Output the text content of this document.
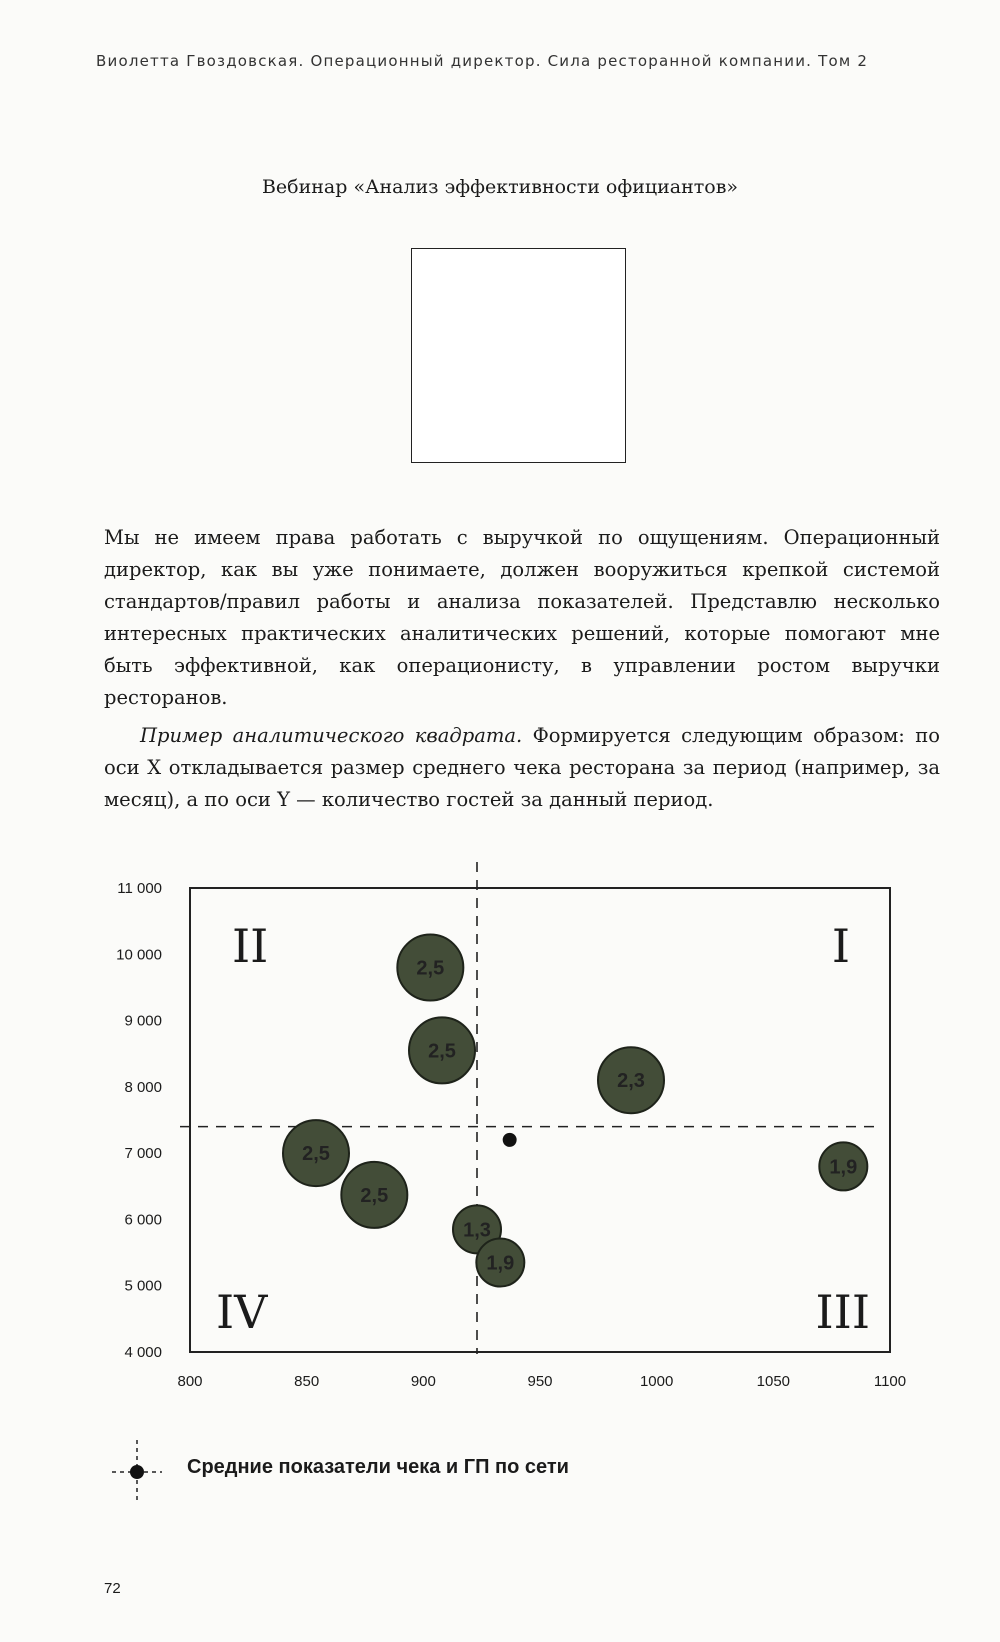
Виолетта Гвоздовская. Операционный директор. Сила ресторанной компании. Том 2
Вебинар «Анализ эффективности официантов»

Мы не имеем права работать с выручкой по ощущениям. Операционный директор, как вы уже понимаете, должен вооружиться крепкой системой стандартов/правил работы и анализа показателей. Представлю несколько интересных практических аналитических решений, которые помогают мне быть эффективной, как операционисту, в управлении ростом выручки ресторанов.

Пример аналитического квадрата. Формируется следующим образом: по оси X откладывается размер среднего чека ресторана за период (например, за месяц), а по оси Y — количество гостей за данный период.

11 000
10 000
9 000
8 000
7 000
6 000
5 000
4 000
800	850	900	950	1000	1050	1100
II	I
IV	III
2,5
2,5
2,3
2,5
2,5
1,3
1,9
1,9
Средние показатели чека и ГП по сети
72
